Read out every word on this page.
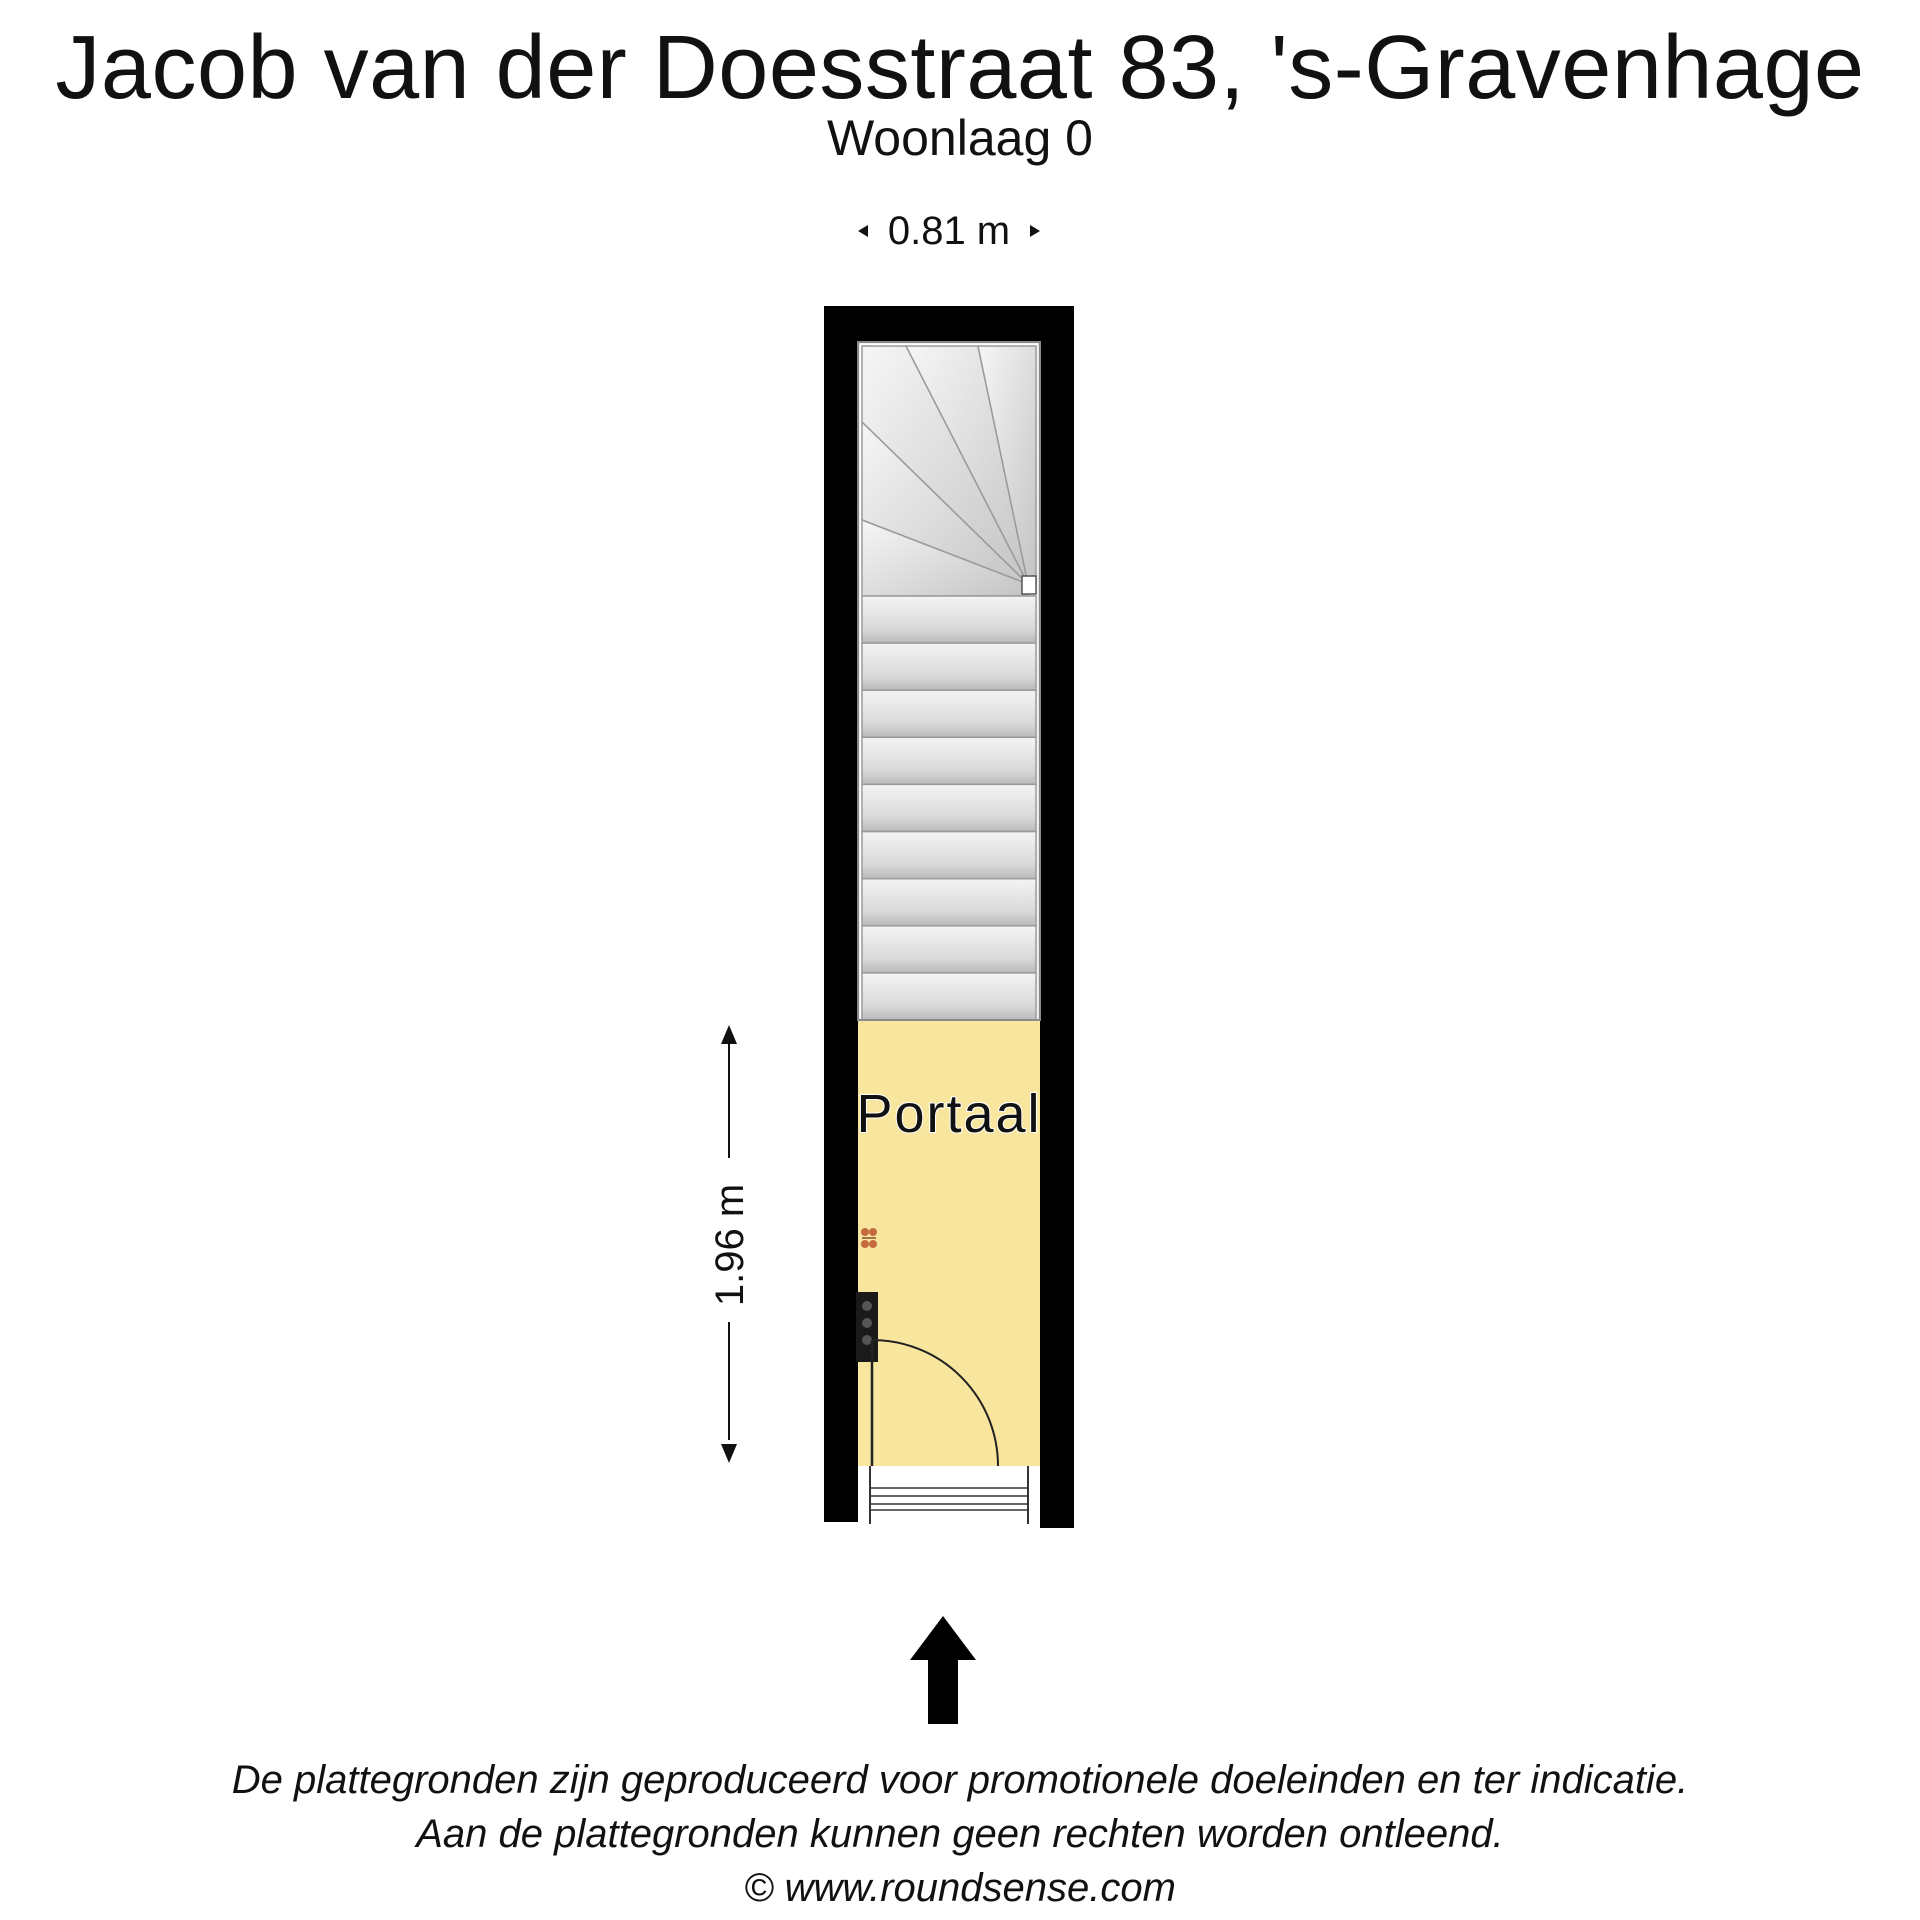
Jacob van der Doesstraat 83, 's-Gravenhage
Woonlaag 0
0.81 m
Portaal
1.96 m
De plattegronden zijn geproduceerd voor promotionele doeleinden en ter indicatie.
Aan de plattegronden kunnen geen rechten worden ontleend.
© www.roundsense.com
